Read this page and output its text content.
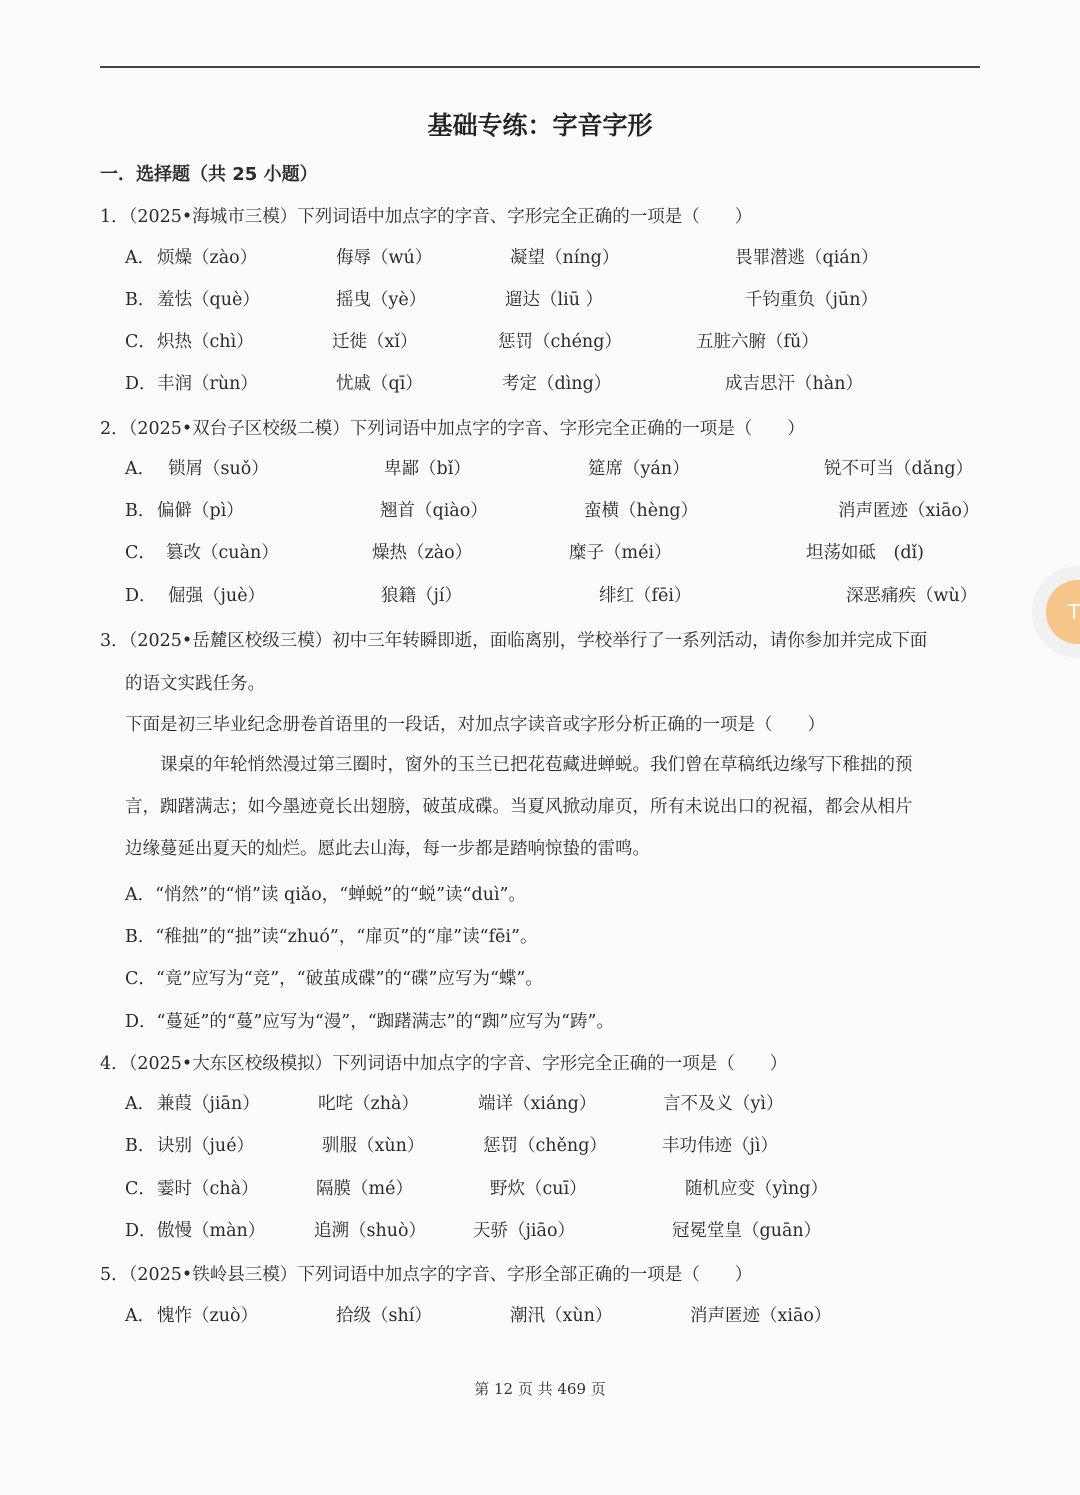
基础专练：字音字形
一．选择题（共 25 小题）
1．（2025•海城市三模）下列词语中加点字的字音、字形完全正确的一项是（　　）
A． 烦燥（zào）	侮辱（wú）	凝望（níng）	畏罪潜逃（qián）
B． 羞怯（què）	摇曳（yè）	遛达（liū ）	千钧重负（jūn）
C． 炽热（chì）	迁徙（xǐ）	惩罚（chéng）	五脏六腑（fǔ）
D． 丰润（rùn）	忧戚（qī）	考定（dìng）	成吉思汗（hàn）
2．（2025•双台子区校级二模）下列词语中加点字的字音、字形完全正确的一项是（　　）
A． 锁屑（suǒ）	卑鄙（bǐ）	筵席（yán）	锐不可当（dǎng）
B． 偏僻（pì）	翘首（qiào）	蛮横（hèng）	消声匿迹（xiāo）
C． 篡改（cuàn）	燥热（zào）	糜子（méi）	坦荡如砥　(dǐ)
D． 倔强（juè）	狼籍（jí）	绯红（fēi）	深恶痛疾（wù）
3．（2025•岳麓区校级三模）初中三年转瞬即逝，面临离别，学校举行了一系列活动，请你参加并完成下面
的语文实践任务。
下面是初三毕业纪念册卷首语里的一段话，对加点字读音或字形分析正确的一项是（　　）
　　课桌的年轮悄然漫过第三圈时，窗外的玉兰已把花苞藏进蝉蜕。我们曾在草稿纸边缘写下稚拙的预
言，踟躇满志；如今墨迹竟长出翅膀，破茧成碟。当夏风掀动扉页，所有未说出口的祝福，都会从相片
边缘蔓延出夏天的灿烂。愿此去山海，每一步都是踏响惊蛰的雷鸣。
A．“悄然”的“悄”读 qiǎo，“蝉蜕”的“蜕”读“duì”。
B．“稚拙”的“拙”读“zhuó”，“扉页”的“扉”读“fēi”。
C．“竟”应写为“竞”，“破茧成碟”的“碟”应写为“蝶”。
D．“蔓延”的“蔓”应写为“漫”，“踟躇满志”的“踟”应写为“踌”。
4．（2025•大东区校级模拟）下列词语中加点字的字音、字形完全正确的一项是（　　）
A． 兼葭（jiān）	叱咤（zhà）	端详（xiáng）	言不及义（yì）
B． 诀别（jué）	驯服（xùn）	惩罚（chěng）	丰功伟迹（jì）
C． 霎时（chà）	隔膜（mé）	野炊（cuī）	随机应变（yìng）
D． 傲慢（màn）	追溯（shuò）	天骄（jiāo）	冠冕堂皇（guān）
5．（2025•铁岭县三模）下列词语中加点字的字音、字形全部正确的一项是（　　）
A． 愧怍（zuò）	拾级（shí）	潮汛（xùn）	消声匿迹（xiāo）
第 12 页 共 469 页
T
